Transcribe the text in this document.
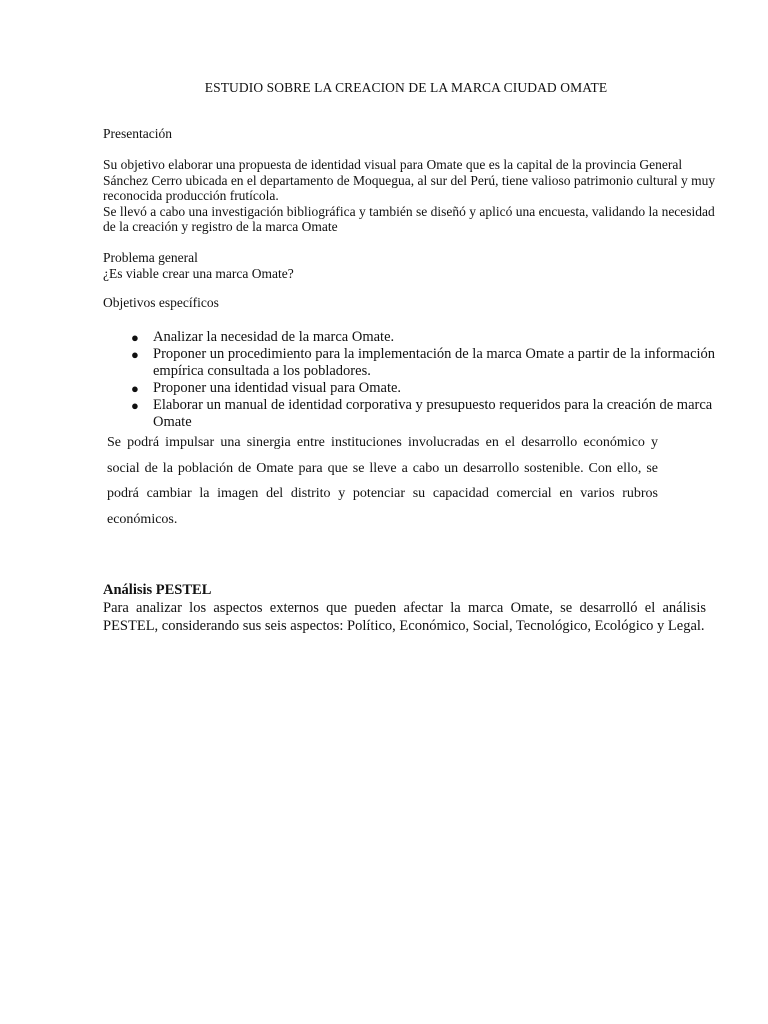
ESTUDIO SOBRE LA CREACION DE LA MARCA CIUDAD OMATE

Presentación

Su objetivo elaborar una propuesta de identidad visual para Omate que es la capital de la provincia General Sánchez Cerro ubicada en el departamento de Moquegua, al sur del Perú, tiene valioso patrimonio cultural y muy reconocida producción frutícola.

Se llevó a cabo una investigación bibliográfica y también se diseñó y aplicó una encuesta, validando la necesidad de la creación y registro de la marca Omate

Problema general

¿Es viable crear una marca Omate?

Objetivos específicos

● Analizar la necesidad de la marca Omate.
● Proponer un procedimiento para la implementación de la marca Omate a partir de la información empírica consultada a los pobladores.
● Proponer una identidad visual para Omate.
● Elaborar un manual de identidad corporativa y presupuesto requeridos para la creación de marca Omate

Se podrá impulsar una sinergia entre instituciones involucradas en el desarrollo económico y social de la población de Omate para que se lleve a cabo un desarrollo sostenible. Con ello, se podrá cambiar la imagen del distrito y potenciar su capacidad comercial en varios rubros económicos.

Análisis PESTEL

Para analizar los aspectos externos que pueden afectar la marca Omate, se desarrolló el análisis PESTEL, considerando sus seis aspectos: Político, Económico, Social, Tecnológico, Ecológico y Legal.
